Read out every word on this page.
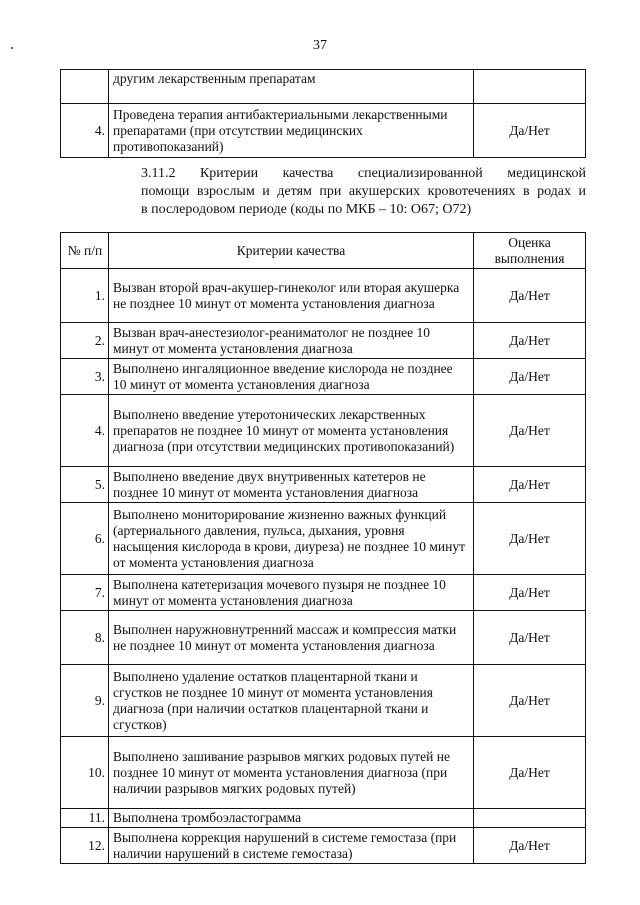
37
	другим лекарственным препаратам	
4.	Проведена терапия антибактериальными лекарственными препаратами (при отсутствии медицинских противопоказаний)	Да/Нет
3.11.2 Критерии качества специализированной медицинской
помощи взрослым и детям при акушерских кровотечениях в родах и
в послеродовом периоде (коды по МКБ – 10: O67; O72)
№ п/п	Критерии качества	Оценка выполнения
1.	Вызван второй врач-акушер-гинеколог или вторая акушерка не позднее 10 минут от момента установления диагноза	Да/Нет
2.	Вызван врач-анестезиолог-реаниматолог не позднее 10 минут от момента установления диагноза	Да/Нет
3.	Выполнено ингаляционное введение кислорода не позднее 10 минут от момента установления диагноза	Да/Нет
4.	Выполнено введение утеротонических лекарственных препаратов не позднее 10 минут от момента установления диагноза (при отсутствии медицинских противопоказаний)	Да/Нет
5.	Выполнено введение двух внутривенных катетеров не позднее 10 минут от момента установления диагноза	Да/Нет
6.	Выполнено мониторирование жизненно важных функций (артериального давления, пульса, дыхания, уровня насыщения кислорода в крови, диуреза) не позднее 10 минут от момента установления диагноза	Да/Нет
7.	Выполнена катетеризация мочевого пузыря не позднее 10 минут от момента установления диагноза	Да/Нет
8.	Выполнен наружновнутренний массаж и компрессия матки не позднее 10 минут от момента установления диагноза	Да/Нет
9.	Выполнено удаление остатков плацентарной ткани и сгустков не позднее 10 минут от момента установления диагноза (при наличии остатков плацентарной ткани и сгустков)	Да/Нет
10.	Выполнено зашивание разрывов мягких родовых путей не позднее 10 минут от момента установления диагноза (при наличии разрывов мягких родовых путей)	Да/Нет
11.	Выполнена тромбоэластограмма	
12.	Выполнена коррекция нарушений в системе гемостаза (при наличии нарушений в системе гемостаза)	Да/Нет
